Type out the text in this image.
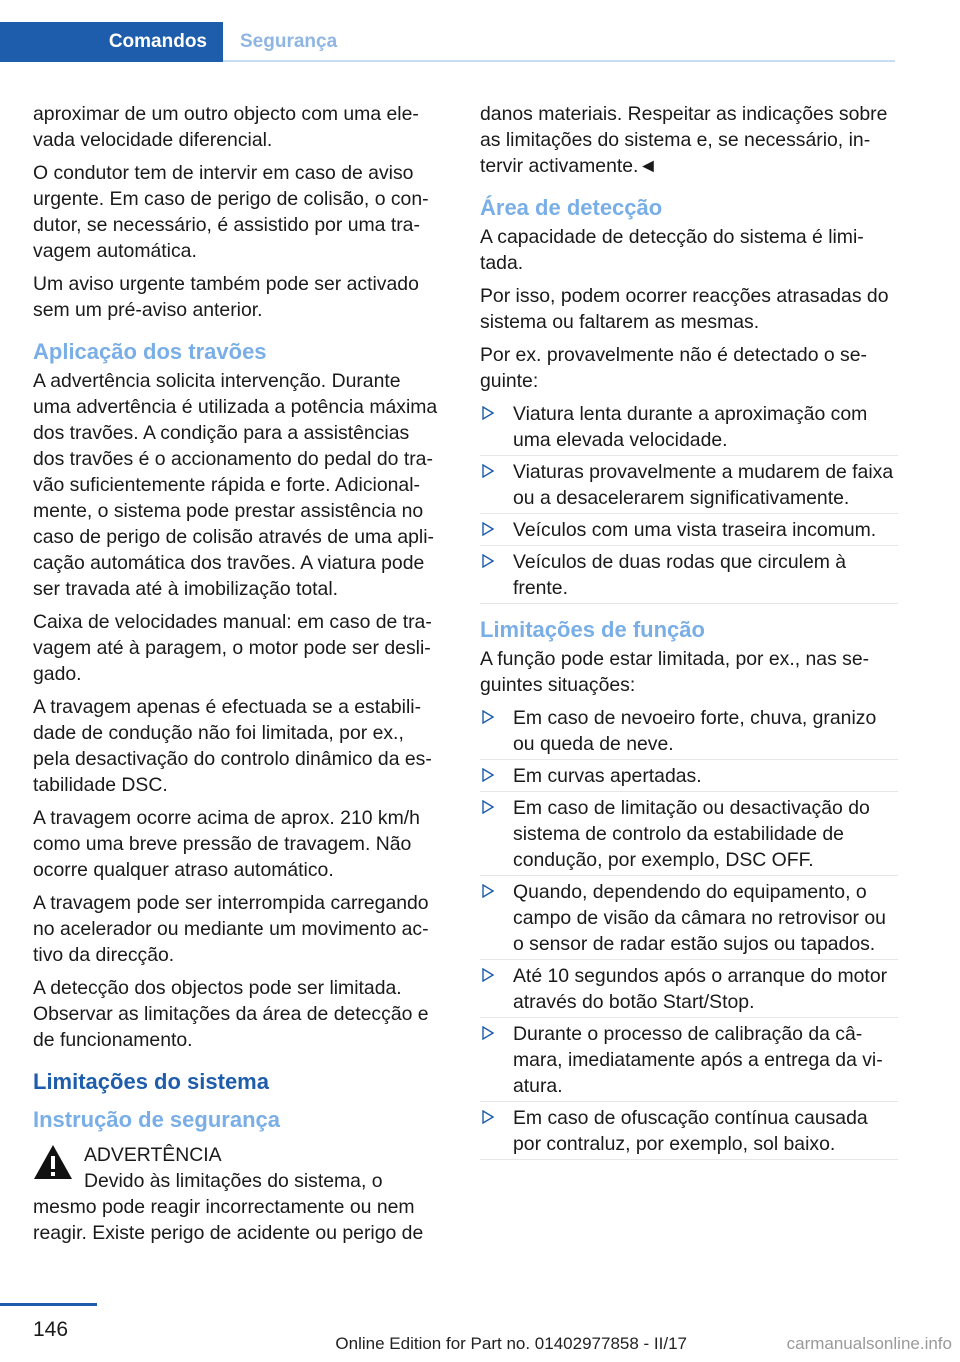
Comandos	Segurança

aproximar de um outro objecto com uma elevada velocidade diferencial.

O condutor tem de intervir em caso de aviso urgente. Em caso de perigo de colisão, o condutor, se necessário, é assistido por uma travagem automática.

Um aviso urgente também pode ser activado sem um pré-aviso anterior.

Aplicação dos travões

A advertência solicita intervenção. Durante uma advertência é utilizada a potência máxima dos travões. A condição para a assistências dos travões é o accionamento do pedal do travão suficientemente rápida e forte. Adicionalmente, o sistema pode prestar assistência no caso de perigo de colisão através de uma aplicação automática dos travões. A viatura pode ser travada até à imobilização total.

Caixa de velocidades manual: em caso de travagem até à paragem, o motor pode ser desligado.

A travagem apenas é efectuada se a estabilidade de condução não foi limitada, por ex., pela desactivação do controlo dinâmico da estabilidade DSC.

A travagem ocorre acima de aprox. 210 km/h como uma breve pressão de travagem. Não ocorre qualquer atraso automático.

A travagem pode ser interrompida carregando no acelerador ou mediante um movimento activo da direcção.

A detecção dos objectos pode ser limitada. Observar as limitações da área de detecção e de funcionamento.

Limitações do sistema
Instrução de segurança
ADVERTÊNCIA
Devido às limitações do sistema, o
mesmo pode reagir incorrectamente ou nem reagir. Existe perigo de acidente ou perigo de

danos materiais. Respeitar as indicações sobre as limitações do sistema e, se necessário, intervir activamente.◄

Área de detecção

A capacidade de detecção do sistema é limitada.

Por isso, podem ocorrer reacções atrasadas do sistema ou faltarem as mesmas.

Por ex. provavelmente não é detectado o seguinte:

Viatura lenta durante a aproximação com uma elevada velocidade.
Viaturas provavelmente a mudarem de faixa ou a desacelerarem significativamente.
Veículos com uma vista traseira incomum.
Veículos de duas rodas que circulem à frente.
Limitações de função

A função pode estar limitada, por ex., nas seguintes situações:

Em caso de nevoeiro forte, chuva, granizo ou queda de neve.
Em curvas apertadas.
Em caso de limitação ou desactivação do sistema de controlo da estabilidade de condução, por exemplo, DSC OFF.
Quando, dependendo do equipamento, o campo de visão da câmara no retrovisor ou o sensor de radar estão sujos ou tapados.
Até 10 segundos após o arranque do motor através do botão Start/Stop.
Durante o processo de calibração da câmara, imediatamente após a entrega da viatura.
Em caso de ofuscação contínua causada por contraluz, por exemplo, sol baixo.
146
Online Edition for Part no. 01402977858 - II/17	carmanualsonline.info
